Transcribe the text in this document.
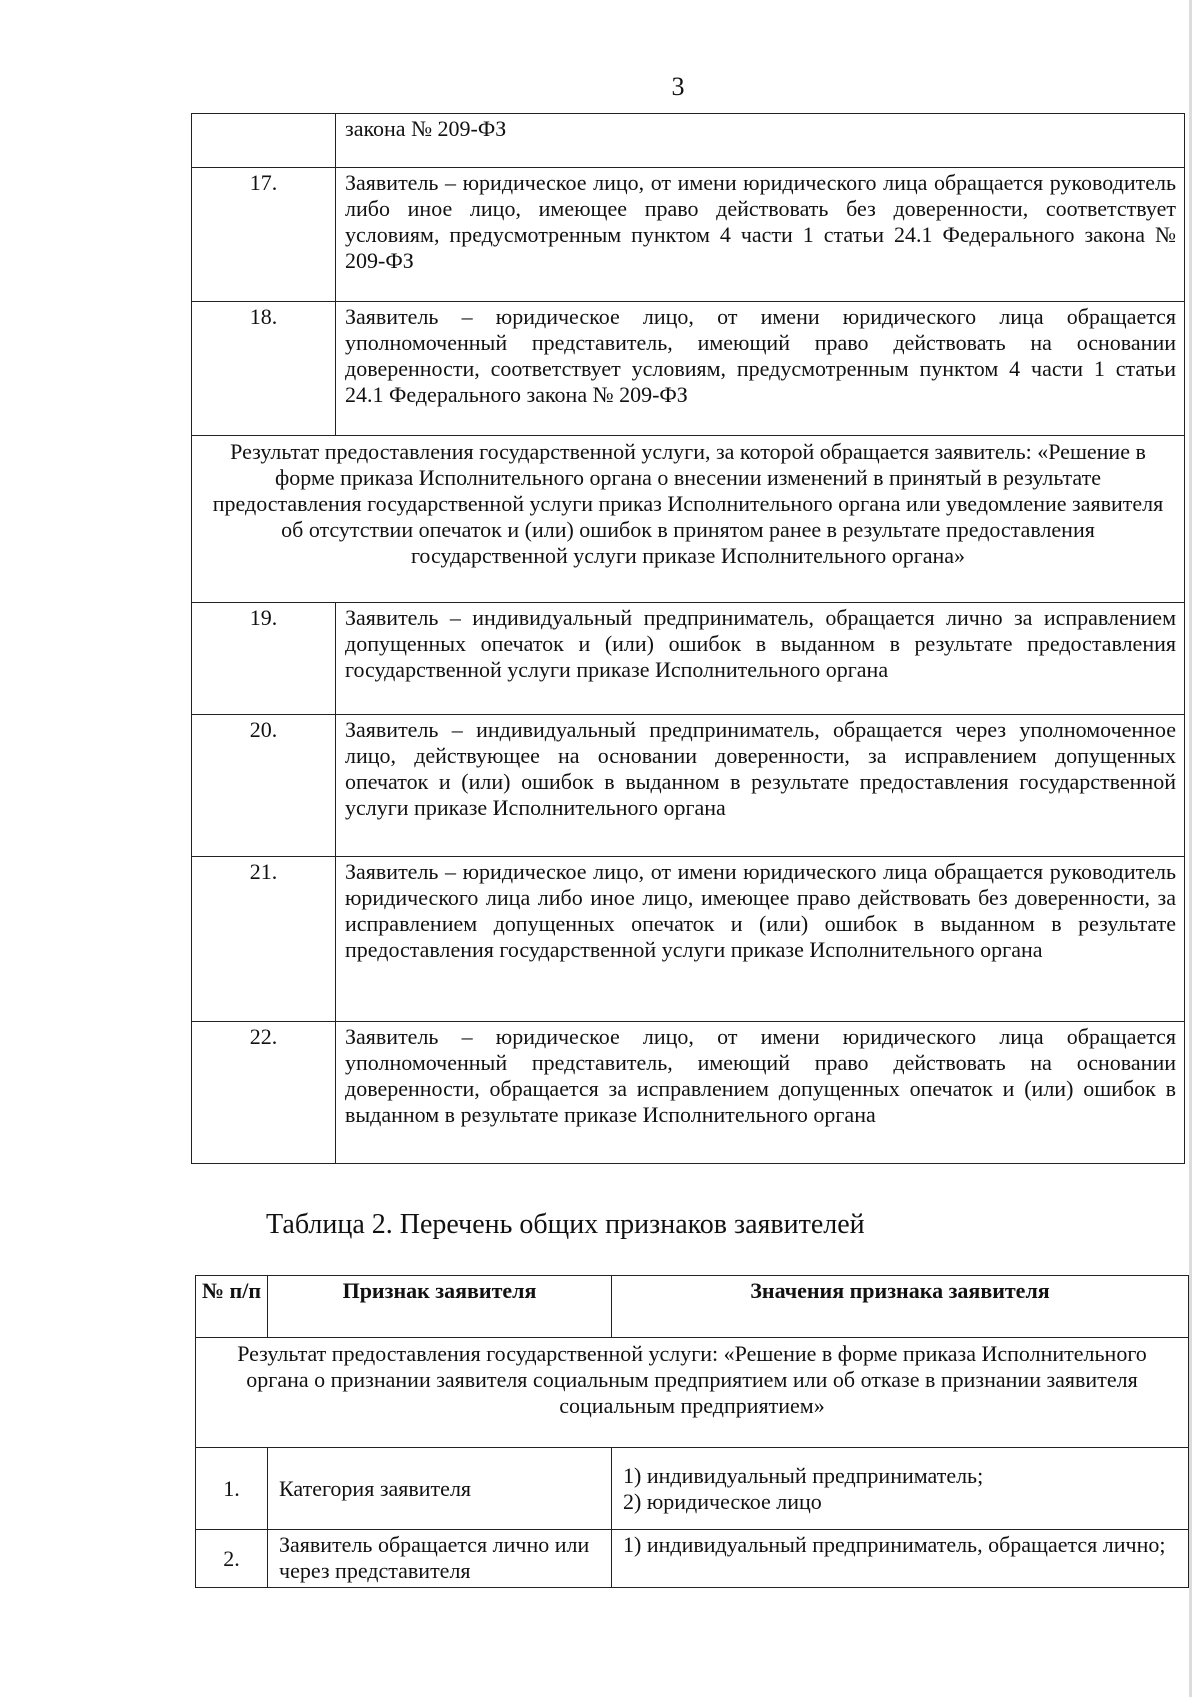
3
	закона № 209-ФЗ
17.	Заявитель – юридическое лицо, от имени юридического лица обращается руководитель либо иное лицо, имеющее право действовать без доверенности, соответствует условиям, предусмотренным пунктом 4 части 1 статьи 24.1 Федерального закона № 209-ФЗ
18.	Заявитель – юридическое лицо, от имени юридического лица обращается уполномоченный представитель, имеющий право действовать на основании доверенности, соответствует условиям, предусмотренным пунктом 4 части 1 статьи 24.1 Федерального закона № 209-ФЗ
Результат предоставления государственной услуги, за которой обращается заявитель: «Решение в форме приказа Исполнительного органа о внесении изменений в принятый в результате предоставления государственной услуги приказ Исполнительного органа или уведомление заявителя об отсутствии опечаток и (или) ошибок в принятом ранее в результате предоставления государственной услуги приказе Исполнительного органа»	
19.	Заявитель – индивидуальный предприниматель, обращается лично за исправлением допущенных опечаток и (или) ошибок в выданном в результате предоставления государственной услуги приказе Исполнительного органа
20.	Заявитель – индивидуальный предприниматель, обращается через уполномоченное лицо, действующее на основании доверенности, за исправлением допущенных опечаток и (или) ошибок в выданном в результате предоставления государственной услуги приказе Исполнительного органа
21.	Заявитель – юридическое лицо, от имени юридического лица обращается руководитель юридического лица либо иное лицо, имеющее право действовать без доверенности, за исправлением допущенных опечаток и (или) ошибок в выданном в результате предоставления государственной услуги приказе Исполнительного органа
22.	Заявитель – юридическое лицо, от имени юридического лица обращается уполномоченный представитель, имеющий право действовать на основании доверенности, обращается за исправлением допущенных опечаток и (или) ошибок в выданном в результате приказе Исполнительного органа
Таблица 2. Перечень общих признаков заявителей
№ п/п	Признак заявителя	Значения признака заявителя
Результат предоставления государственной услуги: «Решение в форме приказа Исполнительного органа о признании заявителя социальным предприятием или об отказе в признании заявителя социальным предприятием»		
1.	Категория заявителя	1) индивидуальный предприниматель;
2) юридическое лицо

2.	Заявитель обращается лично или через представителя	1) индивидуальный предприниматель, обращается лично;
